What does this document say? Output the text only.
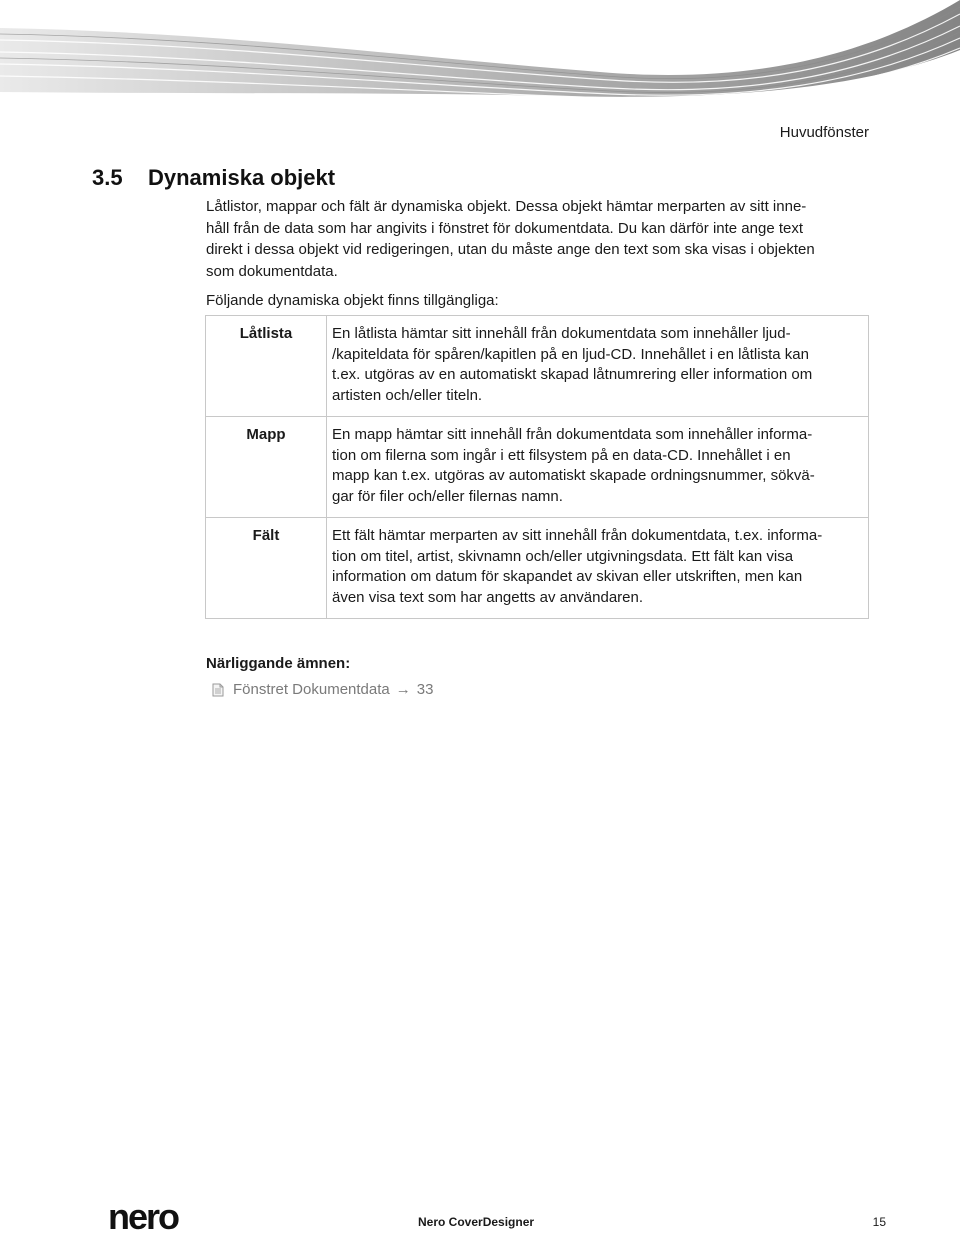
Huvudfönster
3.5 Dynamiska objekt

Låtlistor, mappar och fält är dynamiska objekt. Dessa objekt hämtar merparten av sitt inne-
håll från de data som har angivits i fönstret för dokumentdata. Du kan därför inte ange text
direkt i dessa objekt vid redigeringen, utan du måste ange den text som ska visas i objekten
som dokumentdata.

Följande dynamiska objekt finns tillgängliga:

Låtlista	En låtlista hämtar sitt innehåll från dokumentdata som innehåller ljud-
/kapiteldata för spåren/kapitlen på en ljud-CD. Innehållet i en låtlista kan
t.ex. utgöras av en automatiskt skapad låtnumrering eller information om
artisten och/eller titeln.
Mapp	En mapp hämtar sitt innehåll från dokumentdata som innehåller informa-
tion om filerna som ingår i ett filsystem på en data-CD. Innehållet i en
mapp kan t.ex. utgöras av automatiskt skapade ordningsnummer, sökvä-
gar för filer och/eller filernas namn.
Fält	Ett fält hämtar merparten av sitt innehåll från dokumentdata, t.ex. informa-
tion om titel, artist, skivnamn och/eller utgivningsdata. Ett fält kan visa
information om datum för skapandet av skivan eller utskriften, men kan
även visa text som har angetts av användaren.

Närliggande ämnen:

Fönstret Dokumentdata → 33
nero	Nero CoverDesigner	15
